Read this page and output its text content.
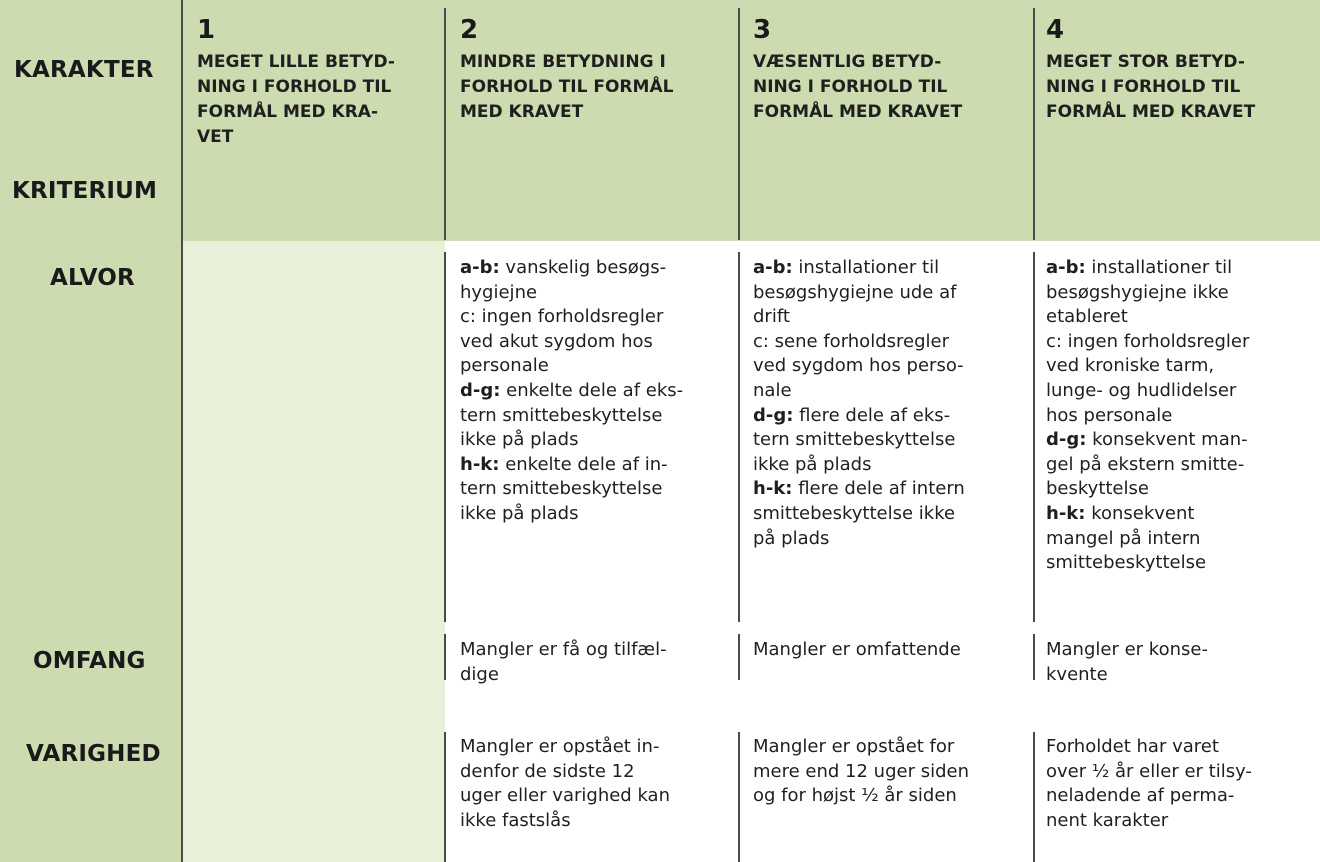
KARAKTER
KRITERIUM
ALVOR
OMFANG
VARIGHED
1
MEGET LILLE BETYD-
NING I FORHOLD TIL
FORMÅL MED KRA-
VET
2
MINDRE BETYDNING I
FORHOLD TIL FORMÅL
MED KRAVET
3
VÆSENTLIG BETYD-
NING I FORHOLD TIL
FORMÅL MED KRAVET
4
MEGET STOR BETYD-
NING I FORHOLD TIL
FORMÅL MED KRAVET
a-b: vanskelig besøgs-
hygiejne
c: ingen forholdsregler
ved akut sygdom hos
personale
d-g: enkelte dele af eks-
tern smittebeskyttelse
ikke på plads
h-k: enkelte dele af in-
tern smittebeskyttelse
ikke på plads
a-b: installationer til
besøgshygiejne ude af
drift
c: sene forholdsregler
ved sygdom hos perso-
nale
d-g: flere dele af eks-
tern smittebeskyttelse
ikke på plads
h-k: flere dele af intern
smittebeskyttelse ikke
på plads
a-b: installationer til
besøgshygiejne ikke
etableret
c: ingen forholdsregler
ved kroniske tarm,
lunge- og hudlidelser
hos personale
d-g: konsekvent man-
gel på ekstern smitte-
beskyttelse
h-k: konsekvent
mangel på intern
smittebeskyttelse
Mangler er få og tilfæl-
dige
Mangler er omfattende	Mangler er konse-
kvente
Mangler er opstået in-
denfor de sidste 12
uger eller varighed kan
ikke fastslås
Mangler er opstået for
mere end 12 uger siden
og for højst ½ år siden
Forholdet har varet
over ½ år eller er tilsy-
neladende af perma-
nent karakter
